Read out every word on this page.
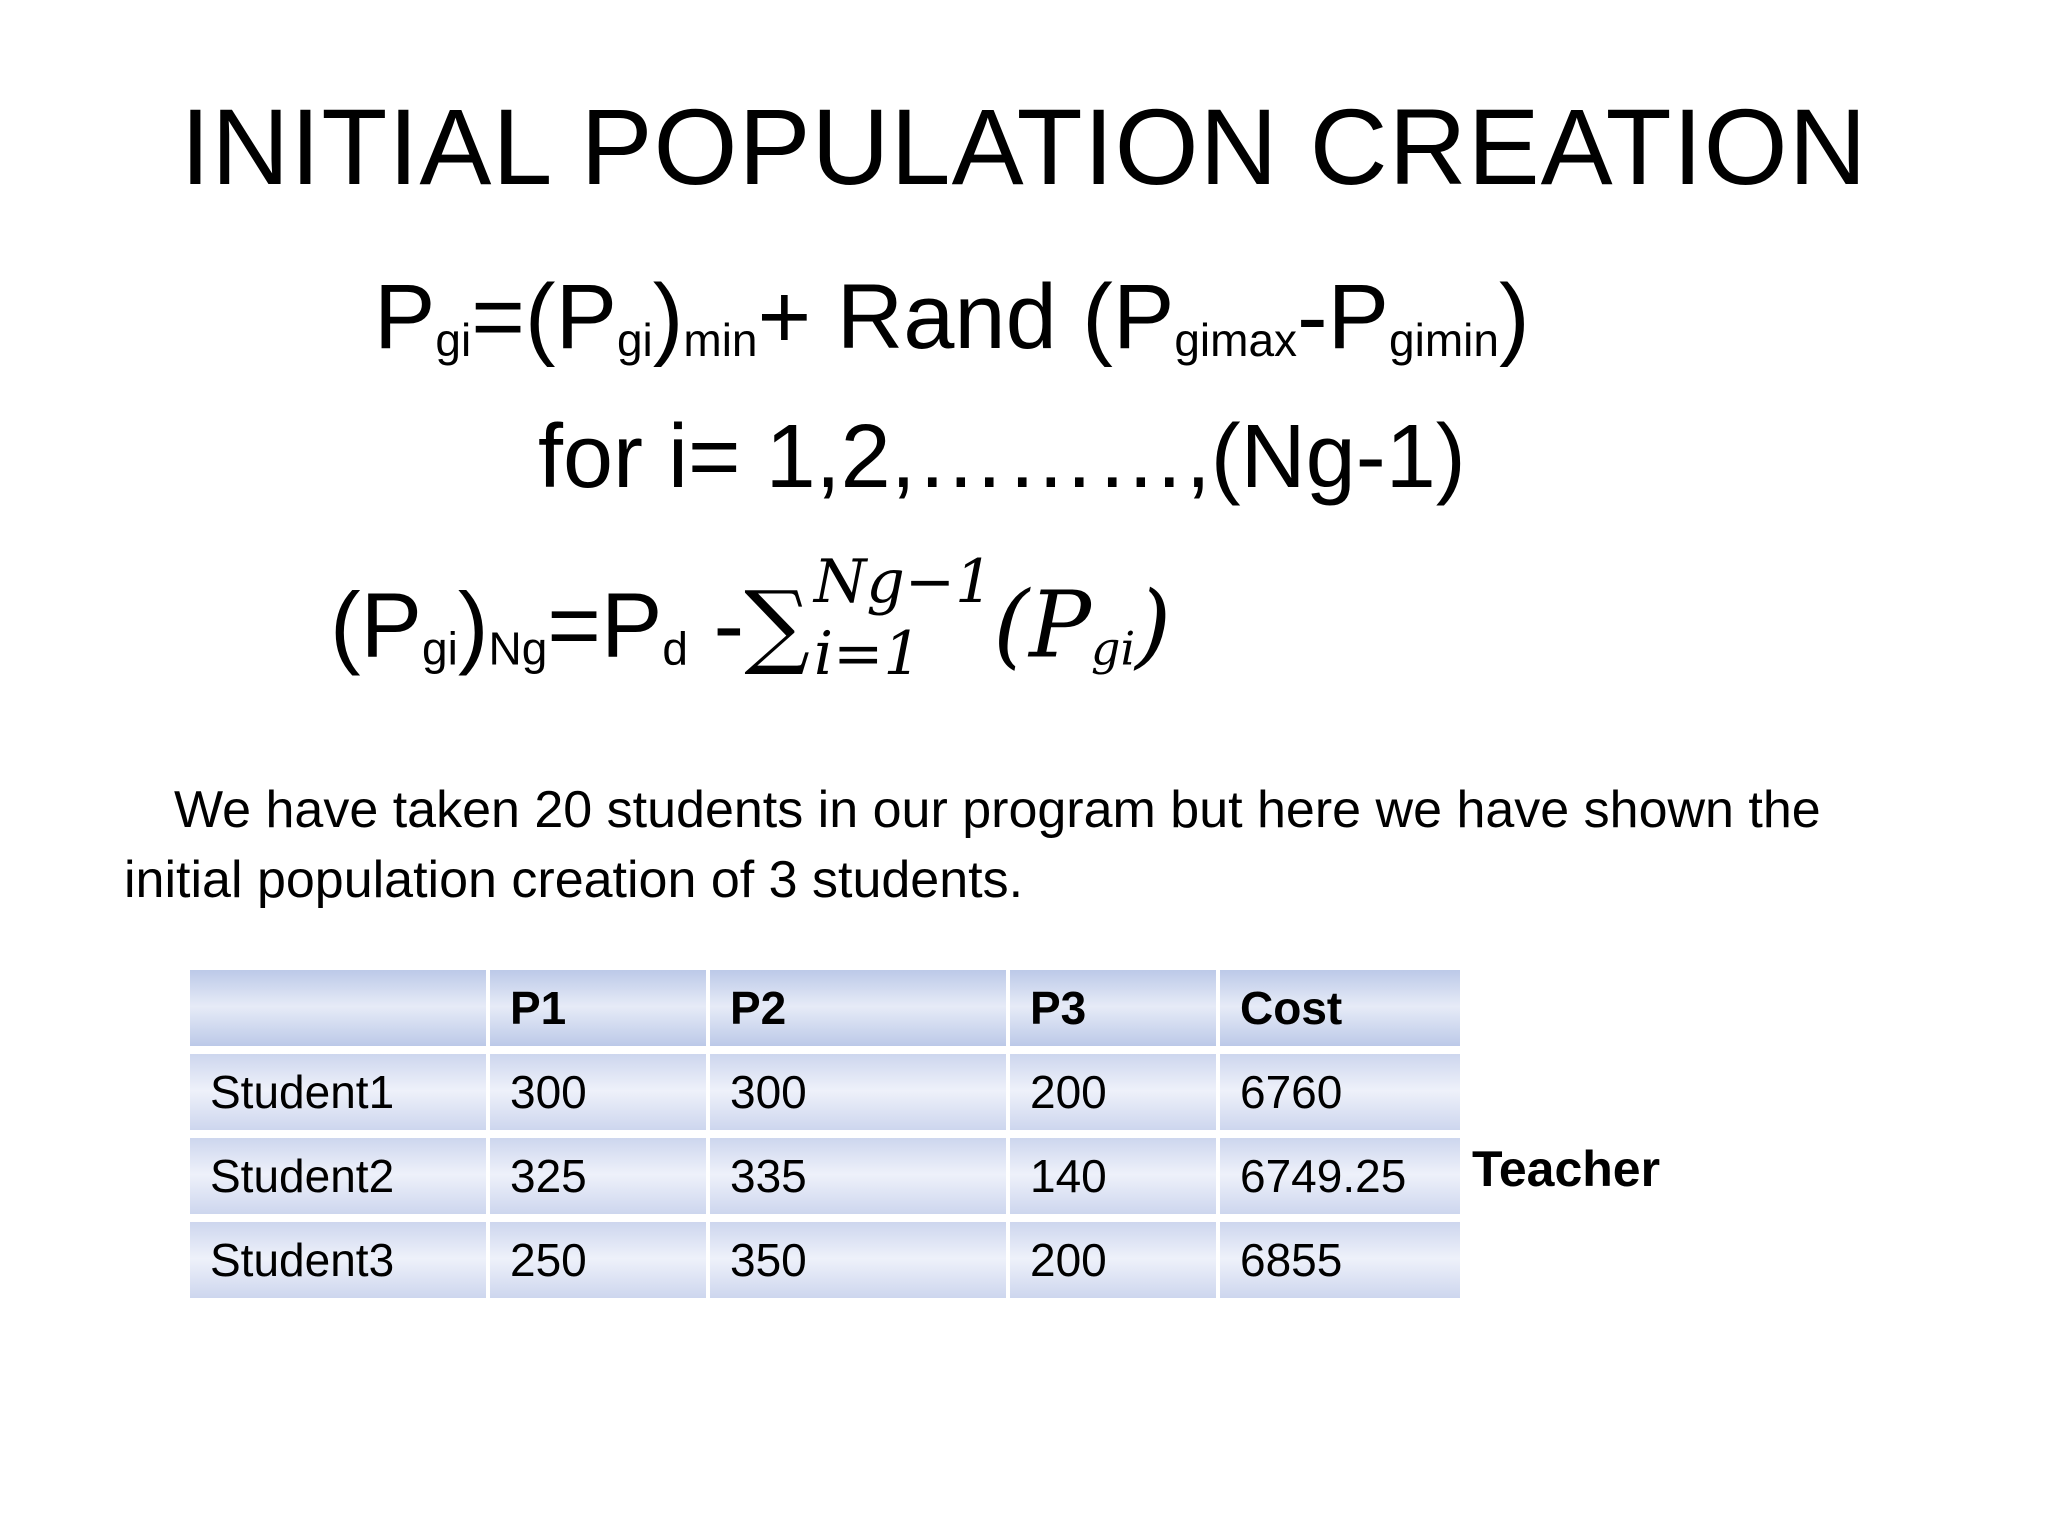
INITIAL POPULATION CREATION
$P_{gi}=(P_{gi})_{min}+$ Rand $(P_{gimax}-P_{gimin})$
for i= 1,2,………,(Ng-1)
$(P_{gi})_{Ng}=P_d$ -∑ Ng−1
i=1 $(P_{gi})$
We have taken 20 students in our program but here we have shown the initial population creation of 3 students.
	P1	P2	P3	Cost
Student1	300	300	200	6760
Student2	325	335	140	6749.25
Student3	250	350	200	6855
Teacher
